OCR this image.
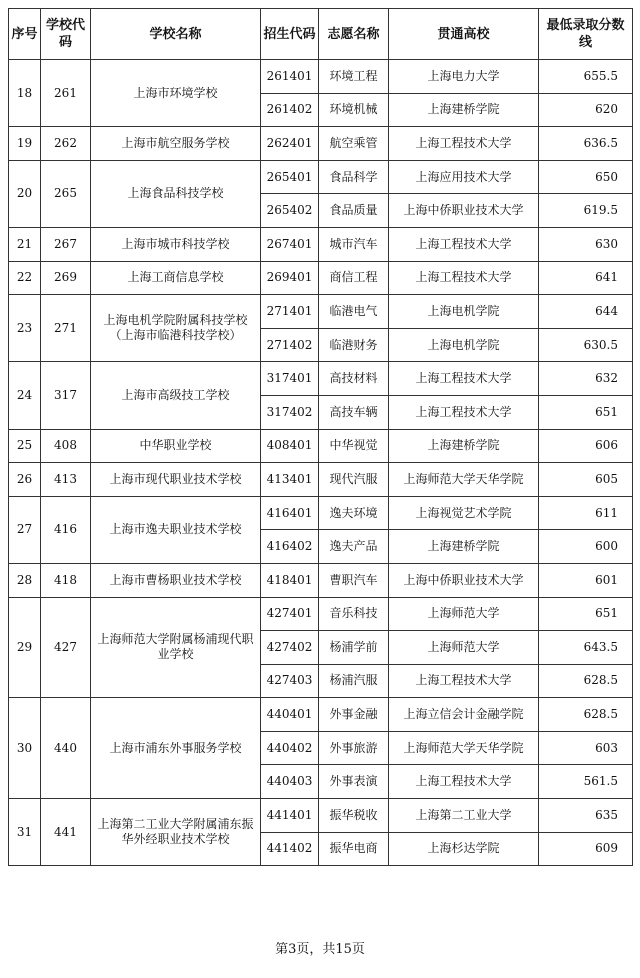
序号	学校代码	学校名称	招生代码	志愿名称	贯通高校	最低录取分数线
18	261	上海市环境学校	261401	环境工程	上海电力大学	655.5
			261402	环境机械	上海建桥学院	620
19	262	上海市航空服务学校	262401	航空乘管	上海工程技术大学	636.5
20	265	上海食品科技学校	265401	食品科学	上海应用技术大学	650
			265402	食品质量	上海中侨职业技术大学	619.5
21	267	上海市城市科技学校	267401	城市汽车	上海工程技术大学	630
22	269	上海工商信息学校	269401	商信工程	上海工程技术大学	641
23	271	上海电机学院附属科技学校（上海市临港科技学校）	271401	临港电气	上海电机学院	644
			271402	临港财务	上海电机学院	630.5
24	317	上海市高级技工学校	317401	高技材料	上海工程技术大学	632
			317402	高技车辆	上海工程技术大学	651
25	408	中华职业学校	408401	中华视觉	上海建桥学院	606
26	413	上海市现代职业技术学校	413401	现代汽服	上海师范大学天华学院	605
27	416	上海市逸夫职业技术学校	416401	逸夫环境	上海视觉艺术学院	611
			416402	逸夫产品	上海建桥学院	600
28	418	上海市曹杨职业技术学校	418401	曹职汽车	上海中侨职业技术大学	601
29	427	上海师范大学附属杨浦现代职业学校	427401	音乐科技	上海师范大学	651
			427402	杨浦学前	上海师范大学	643.5
			427403	杨浦汽服	上海工程技术大学	628.5
30	440	上海市浦东外事服务学校	440401	外事金融	上海立信会计金融学院	628.5
			440402	外事旅游	上海师范大学天华学院	603
			440403	外事表演	上海工程技术大学	561.5
31	441	上海第二工业大学附属浦东振华外经职业技术学校	441401	振华税收	上海第二工业大学	635
			441402	振华电商	上海杉达学院	609
第3页，共15页
